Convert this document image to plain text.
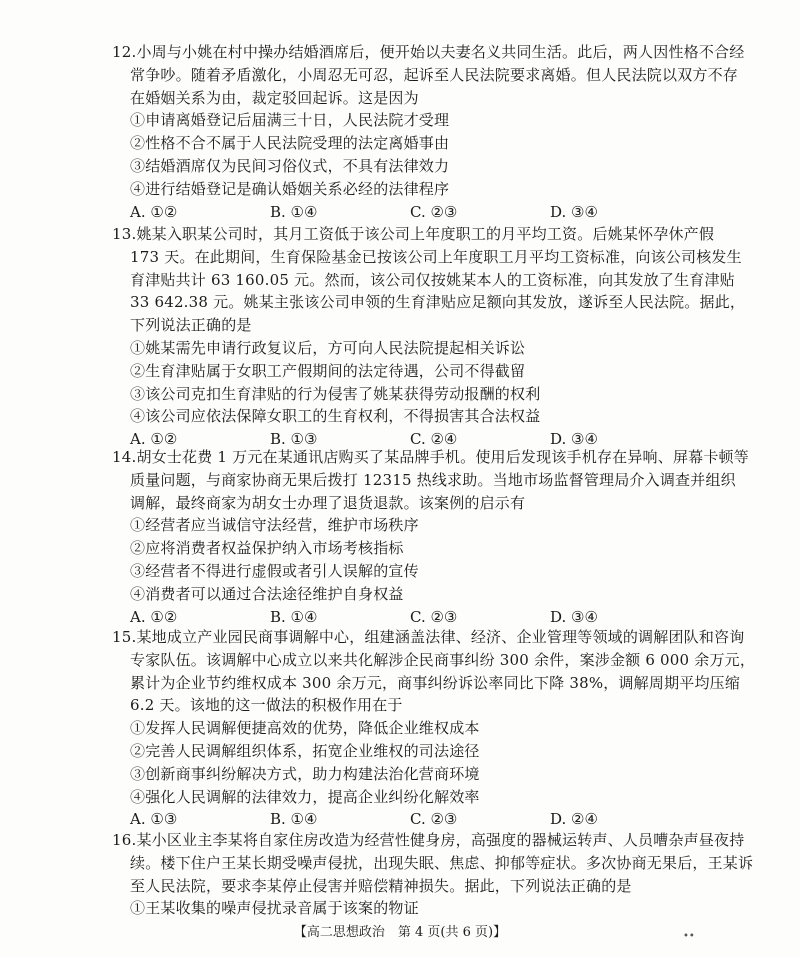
12.小周与小姚在村中操办结婚酒席后，便开始以夫妻名义共同生活。此后，两人因性格不合经
常争吵。随着矛盾激化，小周忍无可忍，起诉至人民法院要求离婚。但人民法院以双方不存
在婚姻关系为由，裁定驳回起诉。这是因为
①申请离婚登记后届满三十日，人民法院才受理
②性格不合不属于人民法院受理的法定离婚事由
③结婚酒席仅为民间习俗仪式，不具有法律效力
④进行结婚登记是确认婚姻关系必经的法律程序
A. ①②	B. ①④	C. ②③	D. ③④
13.姚某入职某公司时，其月工资低于该公司上年度职工的月平均工资。后姚某怀孕休产假
173 天。在此期间，生育保险基金已按该公司上年度职工月平均工资标准，向该公司核发生
育津贴共计 63 160.05 元。然而，该公司仅按姚某本人的工资标准，向其发放了生育津贴
33 642.38 元。姚某主张该公司申领的生育津贴应足额向其发放，遂诉至人民法院。据此，
下列说法正确的是
①姚某需先申请行政复议后，方可向人民法院提起相关诉讼
②生育津贴属于女职工产假期间的法定待遇，公司不得截留
③该公司克扣生育津贴的行为侵害了姚某获得劳动报酬的权利
④该公司应依法保障女职工的生育权利，不得损害其合法权益
A. ①②	B. ①③	C. ②④	D. ③④
14.胡女士花费 1 万元在某通讯店购买了某品牌手机。使用后发现该手机存在异响、屏幕卡顿等
质量问题，与商家协商无果后拨打 12315 热线求助。当地市场监督管理局介入调查并组织
调解，最终商家为胡女士办理了退货退款。该案例的启示有
①经营者应当诚信守法经营，维护市场秩序
②应将消费者权益保护纳入市场考核指标
③经营者不得进行虚假或者引人误解的宣传
④消费者可以通过合法途径维护自身权益
A. ①②	B. ①④	C. ②③	D. ③④
15.某地成立产业园民商事调解中心，组建涵盖法律、经济、企业管理等领域的调解团队和咨询
专家队伍。该调解中心成立以来共化解涉企民商事纠纷 300 余件，案涉金额 6 000 余万元，
累计为企业节约维权成本 300 余万元，商事纠纷诉讼率同比下降 38%，调解周期平均压缩
6.2 天。该地的这一做法的积极作用在于
①发挥人民调解便捷高效的优势，降低企业维权成本
②完善人民调解组织体系，拓宽企业维权的司法途径
③创新商事纠纷解决方式，助力构建法治化营商环境
④强化人民调解的法律效力，提高企业纠纷化解效率
A. ①③	B. ①④	C. ②③	D. ②④
16.某小区业主李某将自家住房改造为经营性健身房，高强度的器械运转声、人员嘈杂声昼夜持
续。楼下住户王某长期受噪声侵扰，出现失眠、焦虑、抑郁等症状。多次协商无果后，王某诉
至人民法院，要求李某停止侵害并赔偿精神损失。据此，下列说法正确的是
①王某收集的噪声侵扰录音属于该案的物证
【高二思想政治　第 4 页(共 6 页)】	••
